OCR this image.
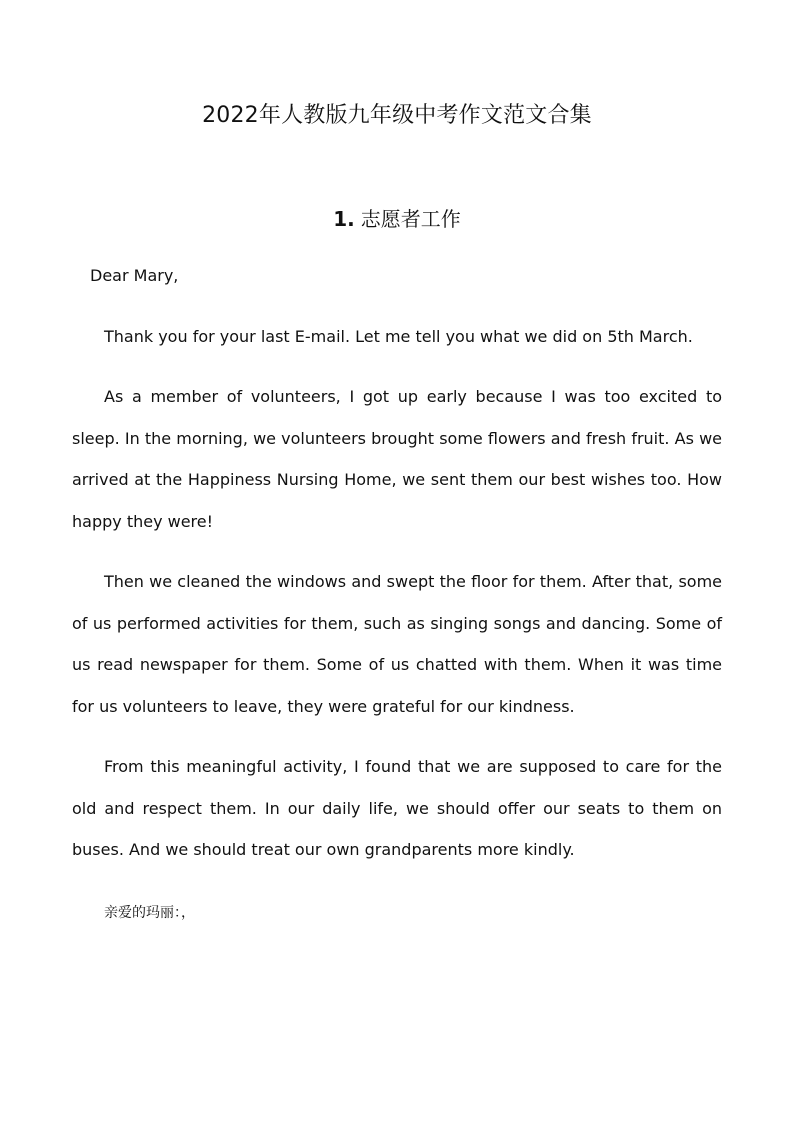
2022年人教版九年级中考作文范文合集
1. 志愿者工作

Dear Mary,

Thank you for your last E-mail. Let me tell you what we did on 5th March.

As a member of volunteers, I got up early because I was too excited to sleep. In the morning, we volunteers brought some flowers and fresh fruit. As we arrived at the Happiness Nursing Home, we sent them our best wishes too. How happy they were!

Then we cleaned the windows and swept the floor for them. After that, some of us performed activities for them, such as singing songs and dancing. Some of us read newspaper for them. Some of us chatted with them. When it was time for us volunteers to leave, they were grateful for our kindness.

From this meaningful activity, I found that we are supposed to care for the old and respect them. In our daily life, we should offer our seats to them on buses. And we should treat our own grandparents more kindly.

亲爱的玛丽：，
